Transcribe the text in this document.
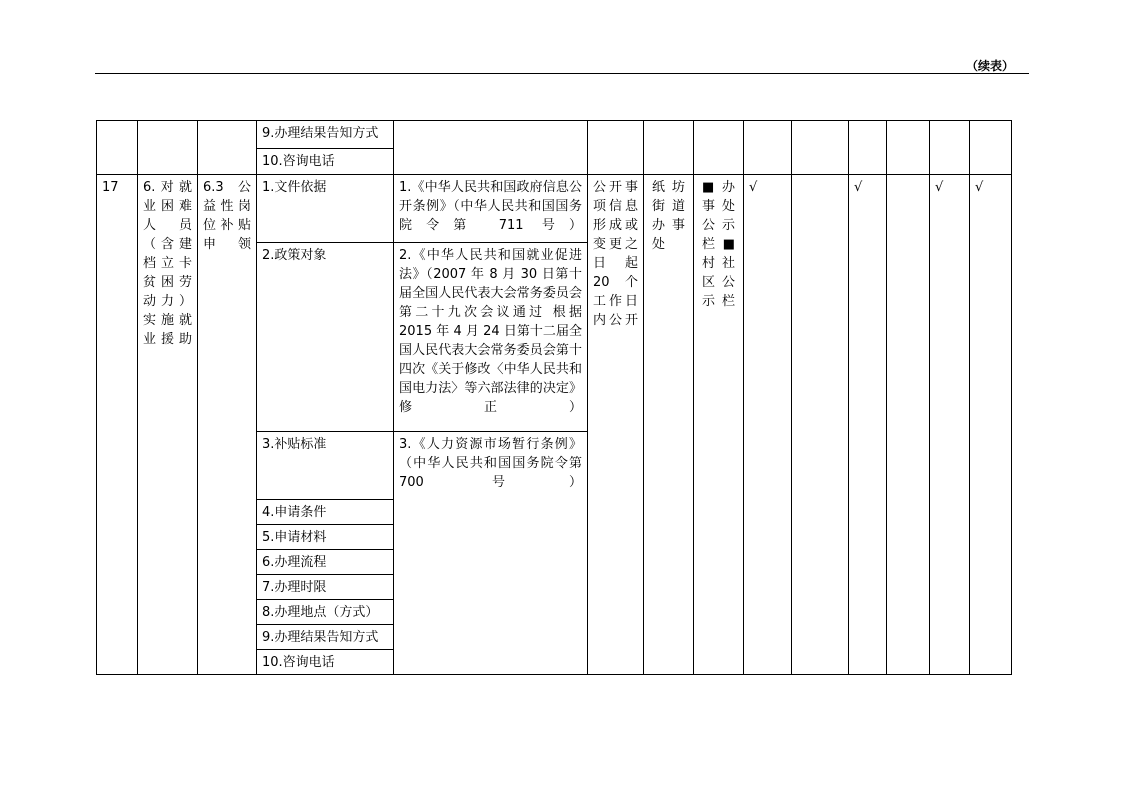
（续表）
			9.办理结果告知方式										
			10.咨询电话										
17	6.对就业困难人员（含建档立卡贫困劳动力）实施就业援助	6.3 公益性岗位补贴申领	1.文件依据	1.《中华人民共和国政府信息公开条例》（中华人民共和国国务院令第 711 号）	公开事项信息形成或变更之日起 20 个工作日内公开	纸坊街道办事处	■办事处公示栏■村社区公示栏	√		√		√	√
			2.政策对象	2.《中华人民共和国就业促进法》（2007 年 8 月 30 日第十届全国人民代表大会常务委员会第二十九次会议通过 根据 2015 年 4 月 24 日第十二届全国人民代表大会常务委员会第十四次《关于修改〈中华人民共和国电力法〉等六部法律的决定》修正）									

			3.补贴标准	3.《人力资源市场暂行条例》（中华人民共和国国务院令第 700 号）									

			4.申请条件										
			5.申请材料										
			6.办理流程										
			7.办理时限										
			8.办理地点（方式）										
			9.办理结果告知方式										
			10.咨询电话										
